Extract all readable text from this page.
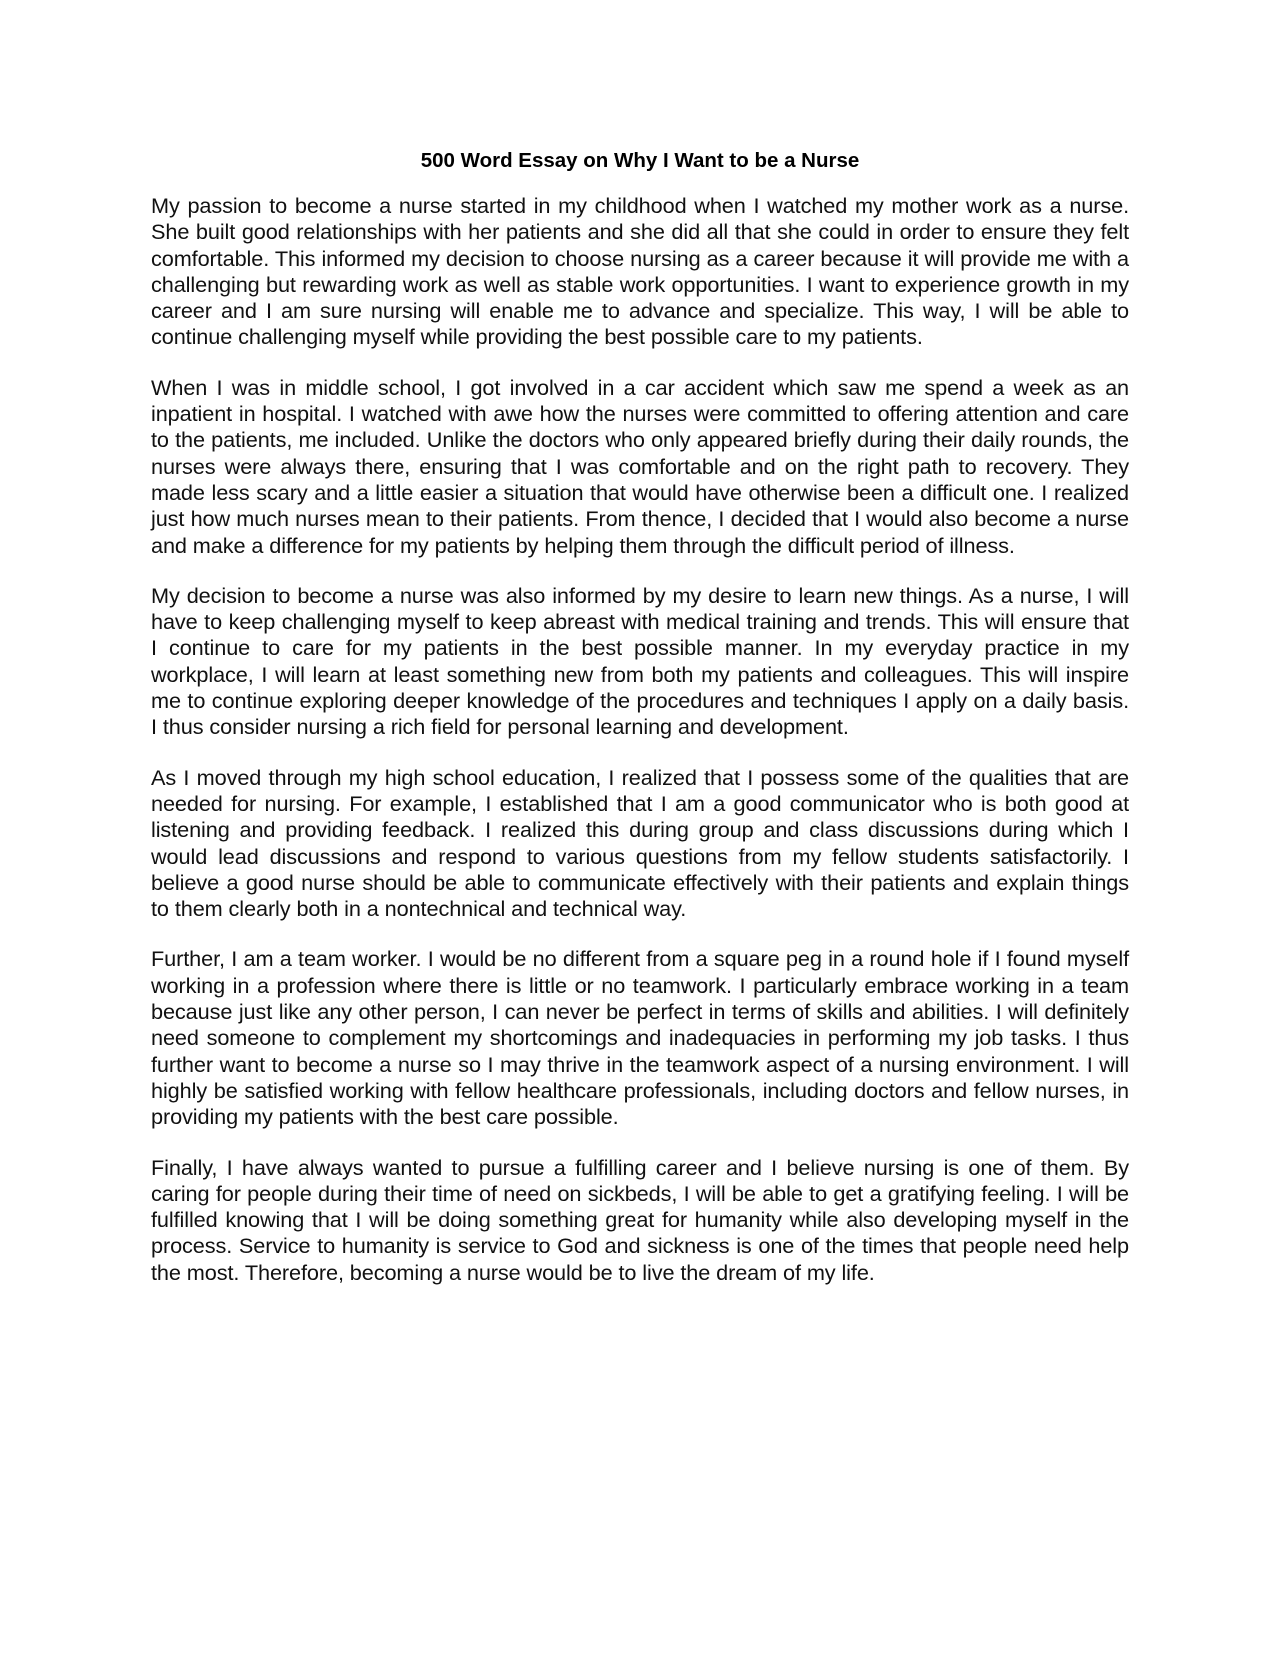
500 Word Essay on Why I Want to be a Nurse

My passion to become a nurse started in my childhood when I watched my mother work as a nurse. She built good relationships with her patients and she did all that she could in order to ensure they felt comfortable. This informed my decision to choose nursing as a career because it will provide me with a challenging but rewarding work as well as stable work opportunities. I want to experience growth in my career and I am sure nursing will enable me to advance and specialize. This way, I will be able to continue challenging myself while providing the best possible care to my patients.

When I was in middle school, I got involved in a car accident which saw me spend a week as an inpatient in hospital. I watched with awe how the nurses were committed to offering attention and care to the patients, me included. Unlike the doctors who only appeared briefly during their daily rounds, the nurses were always there, ensuring that I was comfortable and on the right path to recovery. They made less scary and a little easier a situation that would have otherwise been a difficult one. I realized just how much nurses mean to their patients. From thence, I decided that I would also become a nurse and make a difference for my patients by helping them through the difficult period of illness.

My decision to become a nurse was also informed by my desire to learn new things. As a nurse, I will have to keep challenging myself to keep abreast with medical training and trends. This will ensure that I continue to care for my patients in the best possible manner. In my everyday practice in my workplace, I will learn at least something new from both my patients and colleagues. This will inspire me to continue exploring deeper knowledge of the procedures and techniques I apply on a daily basis. I thus consider nursing a rich field for personal learning and development.

As I moved through my high school education, I realized that I possess some of the qualities that are needed for nursing. For example, I established that I am a good communicator who is both good at listening and providing feedback. I realized this during group and class discussions during which I would lead discussions and respond to various questions from my fellow students satisfactorily. I believe a good nurse should be able to communicate effectively with their patients and explain things to them clearly both in a nontechnical and technical way.

Further, I am a team worker. I would be no different from a square peg in a round hole if I found myself working in a profession where there is little or no teamwork. I particularly embrace working in a team because just like any other person, I can never be perfect in terms of skills and abilities. I will definitely need someone to complement my shortcomings and inadequacies in performing my job tasks. I thus further want to become a nurse so I may thrive in the teamwork aspect of a nursing environment. I will highly be satisfied working with fellow healthcare professionals, including doctors and fellow nurses, in providing my patients with the best care possible.

Finally, I have always wanted to pursue a fulfilling career and I believe nursing is one of them. By caring for people during their time of need on sickbeds, I will be able to get a gratifying feeling. I will be fulfilled knowing that I will be doing something great for humanity while also developing myself in the process. Service to humanity is service to God and sickness is one of the times that people need help the most. Therefore, becoming a nurse would be to live the dream of my life.
